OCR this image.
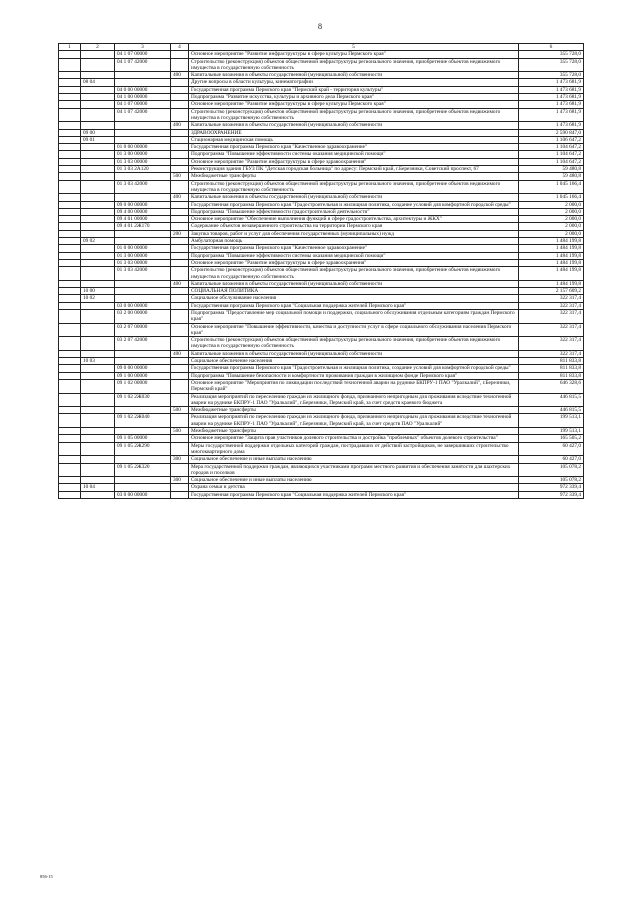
8
1	2	3	4	5	6
		04 1 07 00000		Основное мероприятие "Развитие инфраструктуры в сфере культуры Пермского края"	355 728,0
		04 1 07 42000		Строительство (реконструкция) объектов общественной инфраструктуры регионального значения, приобретение объектов недвижимого имущества в государственную собственность	355 728,0
			400	Капитальные вложения в объекты государственной (муниципальной) собственности	355 728,0
	08 04			Другие вопросы в области культуры, кинематографии	1 473 681,9
		04 0 00 00000		Государственная программа Пермского края "Пермский край - территория культуры"	1 473 681,9
		04 1 00 00000		Подпрограмма "Развитие искусства, культуры и архивного дела Пермского края"	1 473 681,9
		04 1 07 00000		Основное мероприятие "Развитие инфраструктуры в сфере культуры Пермского края"	1 473 681,9
		04 1 07 42000		Строительство (реконструкция) объектов общественной инфраструктуры регионального значения, приобретение объектов недвижимого имущества в государственную собственность	1 473 681,9
			400	Капитальные вложения в объекты государственной (муниципальной) собственности	1 473 681,9
	09 00			ЗДРАВООХРАНЕНИЕ	2 590 847,0
	09 01			Стационарная медицинская помощь	1 106 647,2
		01 0 00 00000		Государственная программа Пермского края "Качественное здравоохранение"	1 104 647,2
		01 3 00 00000		Подпрограмма "Повышение эффективности системы оказания медицинской помощи"	1 104 647,2
		01 3 03 00000		Основное мероприятие "Развитие инфраструктуры в сфере здравоохранения"	1 104 647,2
		01 3 03 2А120		Реконструкция здания ГБУЗ ПК "Детская городская больница" по адресу: Пермский край, г.Березники, Советский проспект, 67	59 480,8
			500	Межбюджетные трансферты	59 480,8
		01 3 03 42000		Строительство (реконструкция) объектов общественной инфраструктуры регионального значения, приобретение объектов недвижимого имущества в государственную собственность	1 045 166,4
			400	Капитальные вложения в объекты государственной (муниципальной) собственности	1 045 166,4
		09 0 00 00000		Государственная программа Пермского края "Градостроительная и жилищная политика, создание условий для комфортной городской среды"	2 000,0
		09 4 00 00000		Подпрограмма "Повышение эффективности градостроительной деятельности"	2 000,0
		09 4 01 00000		Основное мероприятие "Обеспечение выполнения функций в сфере градостроительства, архитектуры и ЖКХ"	2 000,0
		09 4 01 2Ж170		Содержание объектов незавершенного строительства на территории Пермского края	2 000,0
			200	Закупка товаров, работ и услуг для обеспечения государственных (муниципальных) нужд	2 000,0
	09 02			Амбулаторная помощь	1 484 199,8
		01 0 00 00000		Государственная программа Пермского края "Качественное здравоохранение"	1 484 199,8
		01 3 00 00000		Подпрограмма "Повышение эффективности системы оказания медицинской помощи"	1 484 199,8
		01 3 03 00000		Основное мероприятие "Развитие инфраструктуры в сфере здравоохранения"	1 484 199,8
		01 3 03 42000		Строительство (реконструкция) объектов общественной инфраструктуры регионального значения, приобретение объектов недвижимого имущества в государственную собственность	1 484 199,8
			400	Капитальные вложения в объекты государственной (муниципальной) собственности	1 484 199,8
	10 00			СОЦИАЛЬНАЯ ПОЛИТИКА	2 157 609,2
	10 02			Социальное обслуживание населения	322 317,4
		03 0 00 00000		Государственная программа Пермского края "Социальная поддержка жителей Пермского края"	322 317,4
		03 2 00 00000		Подпрограмма "Предоставление мер социальной помощи и поддержки, социального обслуживания отдельным категориям граждан Пермского края"	322 317,4
		03 2 07 00000		Основное мероприятие "Повышение эффективности, качества и доступности услуг в сфере социального обслуживания населения Пермского края"	322 317,4
		03 2 07 42000		Строительство (реконструкция) объектов общественной инфраструктуры регионального значения, приобретение объектов недвижимого имущества в государственную собственность	322 317,4
			400	Капитальные вложения в объекты государственной (муниципальной) собственности	322 317,4
	10 03			Социальное обеспечение населения	811 833,8
		09 0 00 00000		Государственная программа Пермского края "Градостроительная и жилищная политика, создание условий для комфортной городской среды"	811 833,8
		09 1 00 00000		Подпрограмма "Повышение безопасности и комфортности проживания граждан в жилищном фонде Пермского края"	811 833,8
		09 1 02 00000		Основное мероприятие "Мероприятия по ликвидации последствий техногенной аварии на руднике БКПРУ-1 ПАО "Уралкалий", г.Березники, Пермский край"	646 328,6
		09 1 02 2Ж030		Реализация мероприятий по переселению граждан из жилищного фонда, признанного непригодным для проживания вследствие техногенной аварии на руднике БКПРУ-1 ПАО "Уралкалий", г.Березники, Пермский край, за счет средств краевого бюджета	446 815,5
			500	Межбюджетные трансферты	446 815,5
		09 1 02 2Ж040		Реализация мероприятий по переселению граждан из жилищного фонда, признанного непригодным для проживания вследствие техногенной аварии на руднике БКПРУ-1 ПАО "Уралкалий", г.Березники, Пермский край, за счет средств ПАО "Уралкалий"	199 513,1
			500	Межбюджетные трансферты	199 513,1
		09 1 05 00000		Основное мероприятие "Защита прав участников долевого строительства и достройка "проблемных" объектов долевого строительства"	165 505,2
		09 1 05 2Ж290		Меры государственной поддержки отдельных категорий граждан, пострадавших от действий застройщиков, не завершивших строительство многоквартирного дома	60 427,0
			300	Социальное обеспечение и иные выплаты населению	60 427,0
		09 1 05 2Ж320		Мера государственной поддержки граждан, являющихся участниками программ местного развития и обеспечения занятости для шахтерских городов и поселков	105 078,2
			300	Социальное обеспечение и иные выплаты населению	105 078,2
	10 04			Охрана семьи и детства	972 339,4
		03 0 00 00000		Государственная программа Пермского края "Социальная поддержка жителей Пермского края"	972 339,4
856-15
